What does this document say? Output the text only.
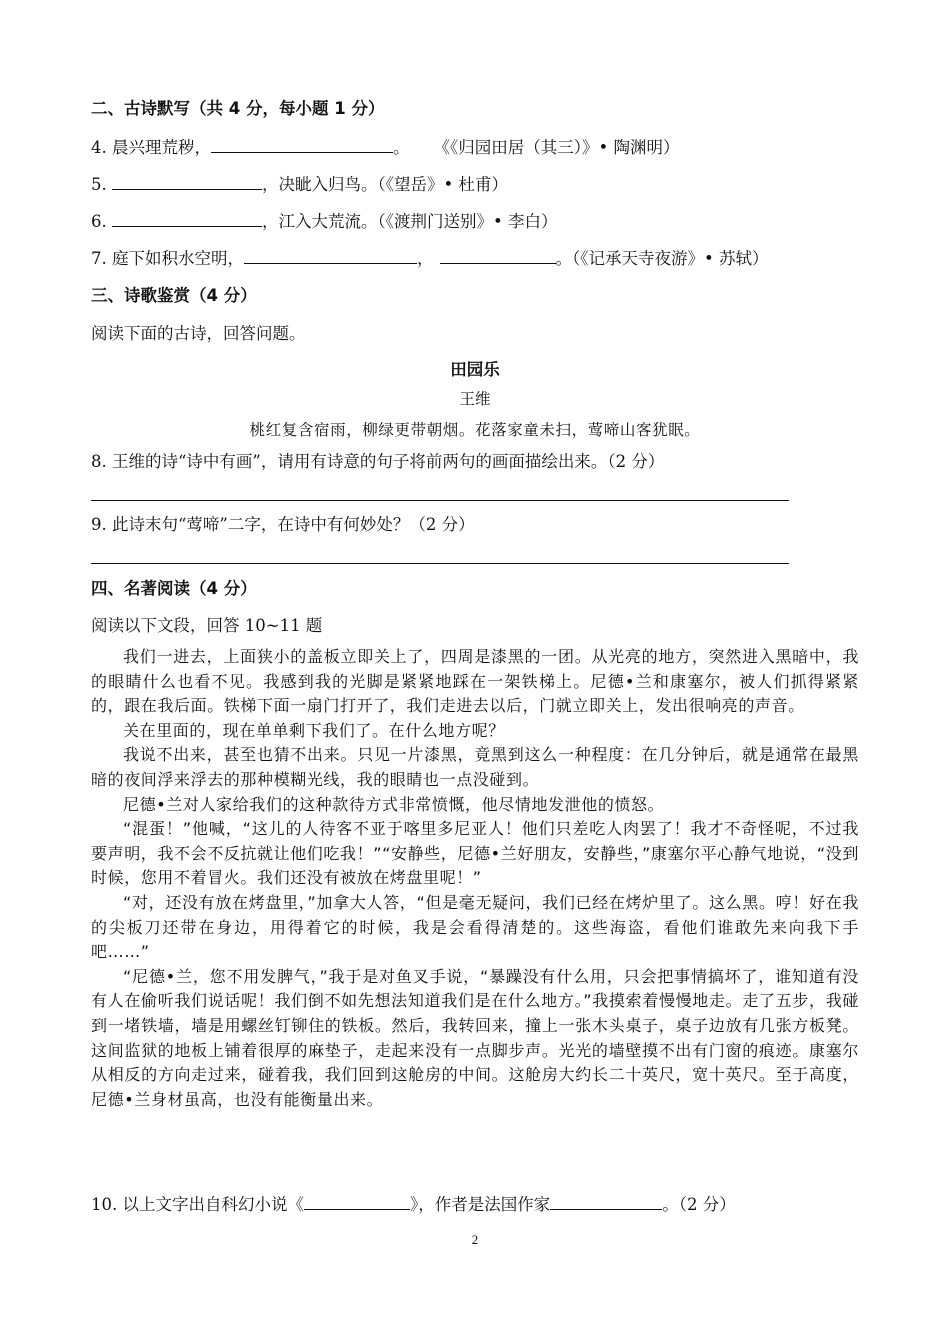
二、古诗默写（共 4 分，每小题 1 分）
4. 晨兴理荒秽，	。 《《归园田居（其三）》• 陶渊明）
5.	，决眦入归鸟。（《望岳》• 杜甫）
6.	，江入大荒流。（《渡荆门送别》• 李白）
7. 庭下如积水空明，	，	。（《记承天寺夜游》• 苏轼）
三、诗歌鉴赏（4 分）
阅读下面的古诗，回答问题。
田园乐
王维
桃红复含宿雨，柳绿更带朝烟。花落家童未扫，莺啼山客犹眠。
8. 王维的诗“诗中有画”，请用有诗意的句子将前两句的画面描绘出来。（2 分）
9. 此诗末句“莺啼”二字，在诗中有何妙处？（2 分）
四、名著阅读（4 分）
阅读以下文段，回答 10~11 题

我们一进去，上面狭小的盖板立即关上了，四周是漆黑的一团。从光亮的地方，突然进入黑暗中，我的眼睛什么也看不见。我感到我的光脚是紧紧地踩在一架铁梯上。尼德•兰和康塞尔，被人们抓得紧紧的，跟在我后面。铁梯下面一扇门打开了，我们走进去以后，门就立即关上，发出很响亮的声音。

关在里面的，现在单单剩下我们了。在什么地方呢？

我说不出来，甚至也猜不出来。只见一片漆黑，竟黑到这么一种程度：在几分钟后，就是通常在最黑暗的夜间浮来浮去的那种模糊光线，我的眼睛也一点没碰到。

尼德•兰对人家给我们的这种款待方式非常愤慨，他尽情地发泄他的愤怒。

“混蛋！”他喊，“这儿的人待客不亚于喀里多尼亚人！他们只差吃人肉罢了！我才不奇怪呢，不过我要声明，我不会不反抗就让他们吃我！”“安静些，尼德•兰好朋友，安静些，”康塞尔平心静气地说，“没到时候，您用不着冒火。我们还没有被放在烤盘里呢！”

“对，还没有放在烤盘里，”加拿大人答，“但是毫无疑问，我们已经在烤炉里了。这么黑。哼！好在我的尖板刀还带在身边，用得着它的时候，我是会看得清楚的。这些海盗，看他们谁敢先来向我下手吧……”

“尼德•兰，您不用发脾气，”我于是对鱼叉手说，“暴躁没有什么用，只会把事情搞坏了，谁知道有没有人在偷听我们说话呢！我们倒不如先想法知道我们是在什么地方。”我摸索着慢慢地走。走了五步，我碰到一堵铁墙，墙是用螺丝钉铆住的铁板。然后，我转回来，撞上一张木头桌子，桌子边放有几张方板凳。这间监狱的地板上铺着很厚的麻垫子，走起来没有一点脚步声。光光的墙壁摸不出有门窗的痕迹。康塞尔从相反的方向走过来，碰着我，我们回到这舱房的中间。这舱房大约长二十英尺，宽十英尺。至于高度，尼德•兰身材虽高，也没有能衡量出来。

10. 以上文字出自科幻小说《	》，作者是法国作家	。（2 分）
2
